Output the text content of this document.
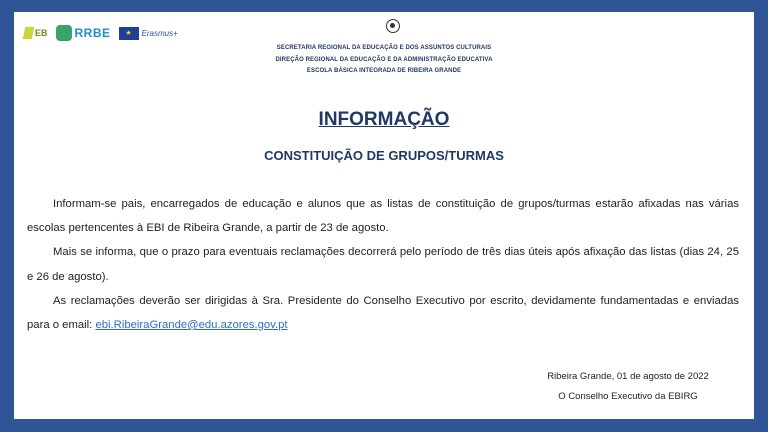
EB RRBE	★	Erasmus+
SECRETARIA REGIONAL DA EDUCAÇÃO E DOS ASSUNTOS CULTURAIS
DIREÇÃO REGIONAL DA EDUCAÇÃO E DA ADMINISTRAÇÃO EDUCATIVA
ESCOLA BÁSICA INTEGRADA DE RIBEIRA GRANDE
INFORMAÇÃO
CONSTITUIÇÃO DE GRUPOS/TURMAS

Informam-se pais, encarregados de educação e alunos que as listas de constituição de grupos/turmas estarão afixadas nas várias escolas pertencentes à EBI de Ribeira Grande, a partir de 23 de agosto.

Mais se informa, que o prazo para eventuais reclamações decorrerá pelo período de três dias úteis após afixação das listas (dias 24, 25 e 26 de agosto).

As reclamações deverão ser dirigidas à Sra. Presidente do Conselho Executivo por escrito, devidamente fundamentadas e enviadas para o email: ebi.RibeiraGrande@edu.azores.gov.pt

Ribeira Grande, 01 de agosto de 2022
O Conselho Executivo da EBIRG
